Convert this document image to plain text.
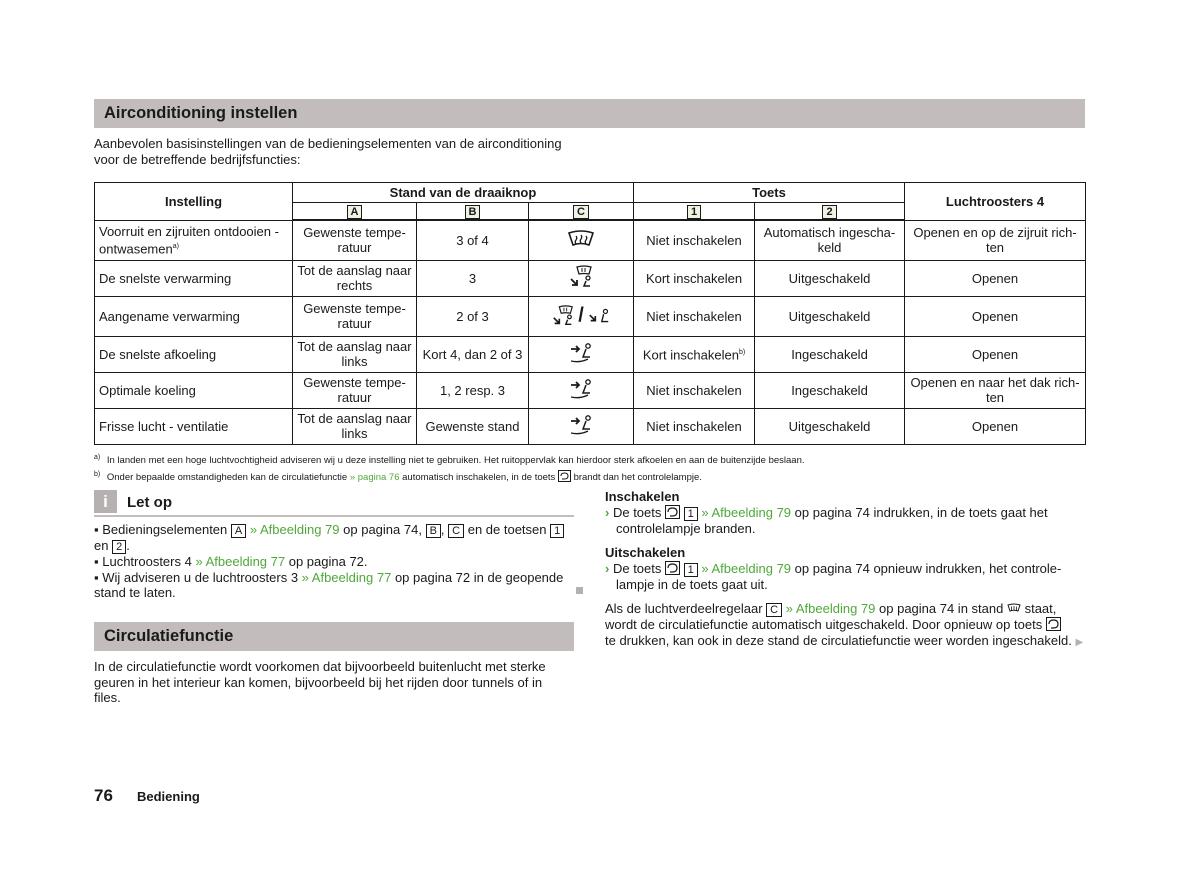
Airconditioning instellen
Aanbevolen basisinstellingen van de bedieningselementen van de airconditioning
voor de betreffende bedrijfsfuncties:
Instelling	Stand van de draaiknop			Toets		Luchtroosters 4
	A	B	C	1	2	
Voorruit en zijruiten ontdooien - ontwasemen$^{a)}$	Gewenste tempe-ratuur	3 of 4		Niet inschakelen	Automatisch ingescha-keld	Openen en op de zijruit rich-ten
De snelste verwarming	Tot de aanslag naar rechts	3		Kort inschakelen	Uitgeschakeld	Openen
Aangename verwarming	Gewenste tempe-ratuur	2 of 3	/	Niet inschakelen	Uitgeschakeld	Openen
De snelste afkoeling	Tot de aanslag naar links	Kort 4, dan 2 of 3		Kort inschakelen$^{b)}$	Ingeschakeld	Openen
Optimale koeling	Gewenste tempe-ratuur	1, 2 resp. 3		Niet inschakelen	Ingeschakeld	Openen en naar het dak rich-ten
Frisse lucht - ventilatie	Tot de aanslag naar links	Gewenste stand		Niet inschakelen	Uitgeschakeld	Openen
$^{a)}$ In landen met een hoge luchtvochtigheid adviseren wij u deze instelling niet te gebruiken. Het ruitoppervlak kan hierdoor sterk afkoelen en aan de buitenzijde beslaan.
$^{b)}$ Onder bepaalde omstandigheden kan de circulatiefunctie » pagina 76 automatisch inschakelen, in de toets brandt dan het controlelampje.
i Let op
▪ Bedieningselementen A » Afbeelding 79 op pagina 74, B , C en de toetsen 1
en 2 .
▪ Luchtroosters 4 » Afbeelding 77 op pagina 72.
▪ Wij adviseren u de luchtroosters 3 » Afbeelding 77 op pagina 72 in de geopende
stand te laten.
Circulatiefunctie
In de circulatiefunctie wordt voorkomen dat bijvoorbeeld buitenlucht met sterke
geuren in het interieur kan komen, bijvoorbeeld bij het rijden door tunnels of in
files.
Inschakelen
› De toets 1 » Afbeelding 79 op pagina 74 indrukken, in de toets gaat het
controlelampje branden.
Uitschakelen
› De toets 1 » Afbeelding 79 op pagina 74 opnieuw indrukken, het controle-
lampje in de toets gaat uit.
Als de luchtverdeelregelaar C » Afbeelding 79 op pagina 74 in stand staat,
wordt de circulatiefunctie automatisch uitgeschakeld. Door opnieuw op toets
te drukken, kan ook in deze stand de circulatiefunctie weer worden ingeschakeld. ▶
76 Bediening
